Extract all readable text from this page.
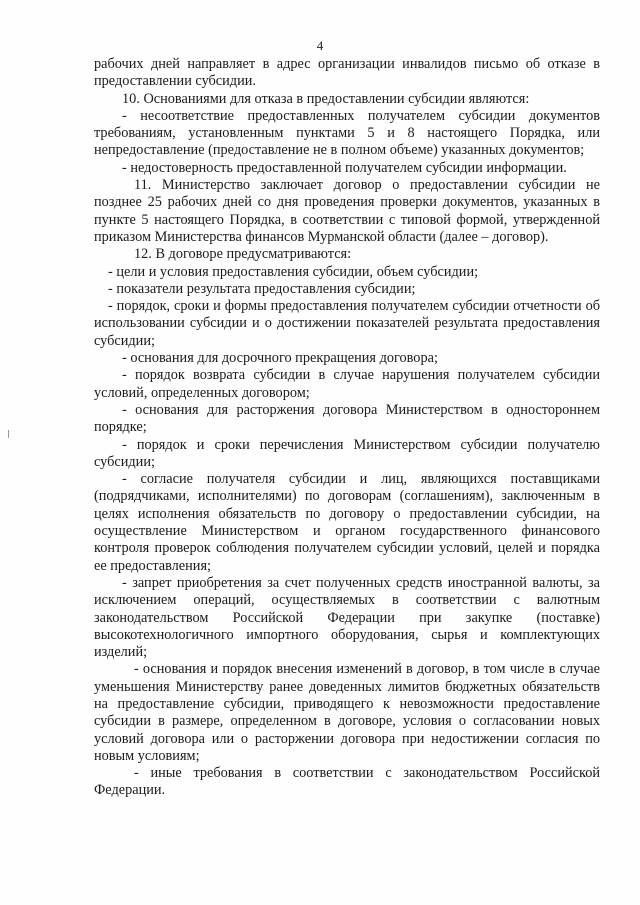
4

рабочих дней направляет в адрес организации инвалидов письмо об отказе в предоставлении субсидии.

10. Основаниями для отказа в предоставлении субсидии являются:

- несоответствие предоставленных получателем субсидии документов требованиям, установленным пунктами 5 и 8 настоящего Порядка, или непредоставление (предоставление не в полном объеме) указанных документов;

- недостоверность предоставленной получателем субсидии информации.

11. Министерство заключает договор о предоставлении субсидии не позднее 25 рабочих дней со дня проведения проверки документов, указанных в пункте 5 настоящего Порядка, в соответствии с типовой формой, утвержденной приказом Министерства финансов Мурманской области (далее – договор).

12. В договоре предусматриваются:

- цели и условия предоставления субсидии, объем субсидии;

- показатели результата предоставления субсидии;

- порядок, сроки и формы предоставления получателем субсидии отчетности об использовании субсидии и о достижении показателей результата предоставления субсидии;

- основания для досрочного прекращения договора;

- порядок возврата субсидии в случае нарушения получателем субсидии условий, определенных договором;

- основания для расторжения договора Министерством в одностороннем порядке;

- порядок и сроки перечисления Министерством субсидии получателю субсидии;

- согласие получателя субсидии и лиц, являющихся поставщиками (подрядчиками, исполнителями) по договорам (соглашениям), заключенным в целях исполнения обязательств по договору о предоставлении субсидии, на осуществление Министерством и органом государственного финансового контроля проверок соблюдения получателем субсидии условий, целей и порядка ее предоставления;

- запрет приобретения за счет полученных средств иностранной валюты, за исключением операций, осуществляемых в соответствии с валютным законодательством Российской Федерации при закупке (поставке) высокотехнологичного импортного оборудования, сырья и комплектующих изделий;

- основания и порядок внесения изменений в договор, в том числе в случае уменьшения Министерству ранее доведенных лимитов бюджетных обязательств на предоставление субсидии, приводящего к невозможности предоставление субсидии в размере, определенном в договоре, условия о согласовании новых условий договора или о расторжении договора при недостижении согласия по новым условиям;

- иные требования в соответствии с законодательством Российской Федерации.
